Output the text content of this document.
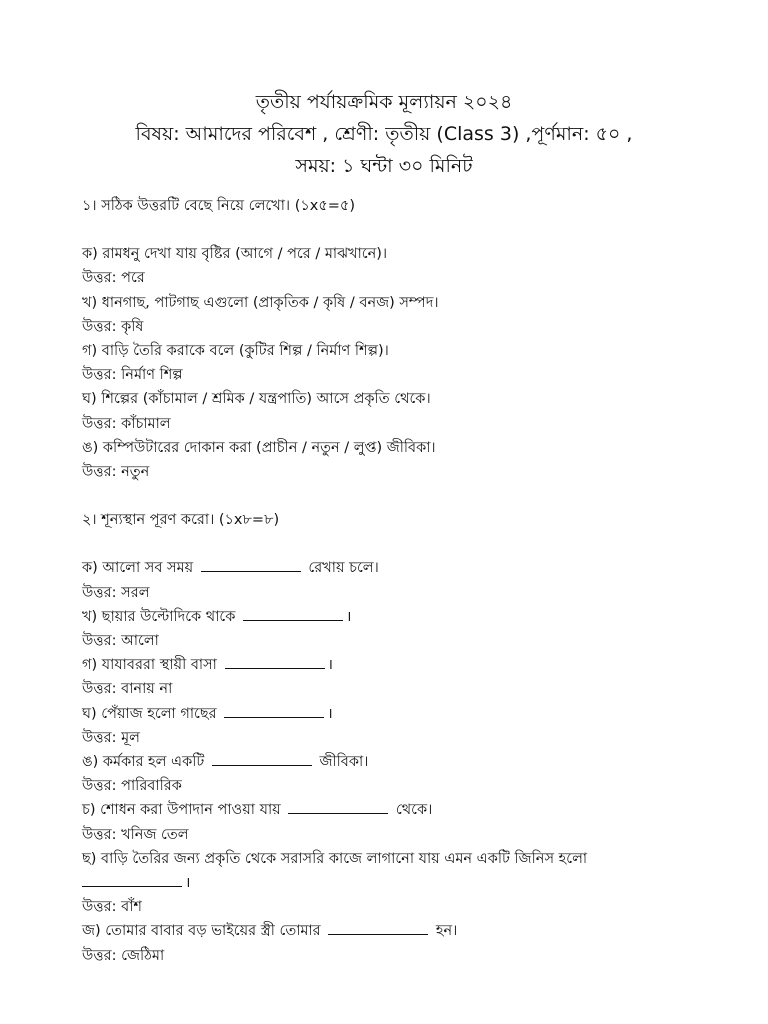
তৃতীয় পর্যায়ক্রমিক মূল্যায়ন ২০২৪
বিষয়: আমাদের পরিবেশ , শ্রেণী: তৃতীয় (Class 3) ,পূর্ণমান: ৫০ ,
সময়: ১ ঘন্টা ৩০ মিনিট
১। সঠিক উত্তরটি বেছে নিয়ে লেখো। (১x৫=৫)
ক) রামধনু দেখা যায় বৃষ্টির (আগে / পরে / মাঝখানে)।
উত্তর: পরে
খ) ধানগাছ, পাটগাছ এগুলো (প্রাকৃতিক / কৃষি / বনজ) সম্পদ।
উত্তর: কৃষি
গ) বাড়ি তৈরি করাকে বলে (কুটির শিল্প / নির্মাণ শিল্প)।
উত্তর: নির্মাণ শিল্প
ঘ) শিল্পের (কাঁচামাল / শ্রমিক / যন্ত্রপাতি) আসে প্রকৃতি থেকে।
উত্তর: কাঁচামাল
ঙ) কম্পিউটারের দোকান করা (প্রাচীন / নতুন / লুপ্ত) জীবিকা।
উত্তর: নতুন
২। শূন্যস্থান পূরণ করো। (১x৮=৮)
ক) আলো সব সময়	রেখায় চলে।
উত্তর: সরল
খ) ছায়ার উল্টোদিকে থাকে	।
উত্তর: আলো
গ) যাযাবররা স্থায়ী বাসা	।
উত্তর: বানায় না
ঘ) পেঁয়াজ হলো গাছের	।
উত্তর: মূল
ঙ) কর্মকার হল একটি	জীবিকা।
উত্তর: পারিবারিক
চ) শোধন করা উপাদান পাওয়া যায়	থেকে।
উত্তর: খনিজ তেল
ছ) বাড়ি তৈরির জন্য প্রকৃতি থেকে সরাসরি কাজে লাগানো যায় এমন একটি জিনিস হলো
।
উত্তর: বাঁশ
জ) তোমার বাবার বড় ভাইয়ের স্ত্রী তোমার	হন।
উত্তর: জেঠিমা
